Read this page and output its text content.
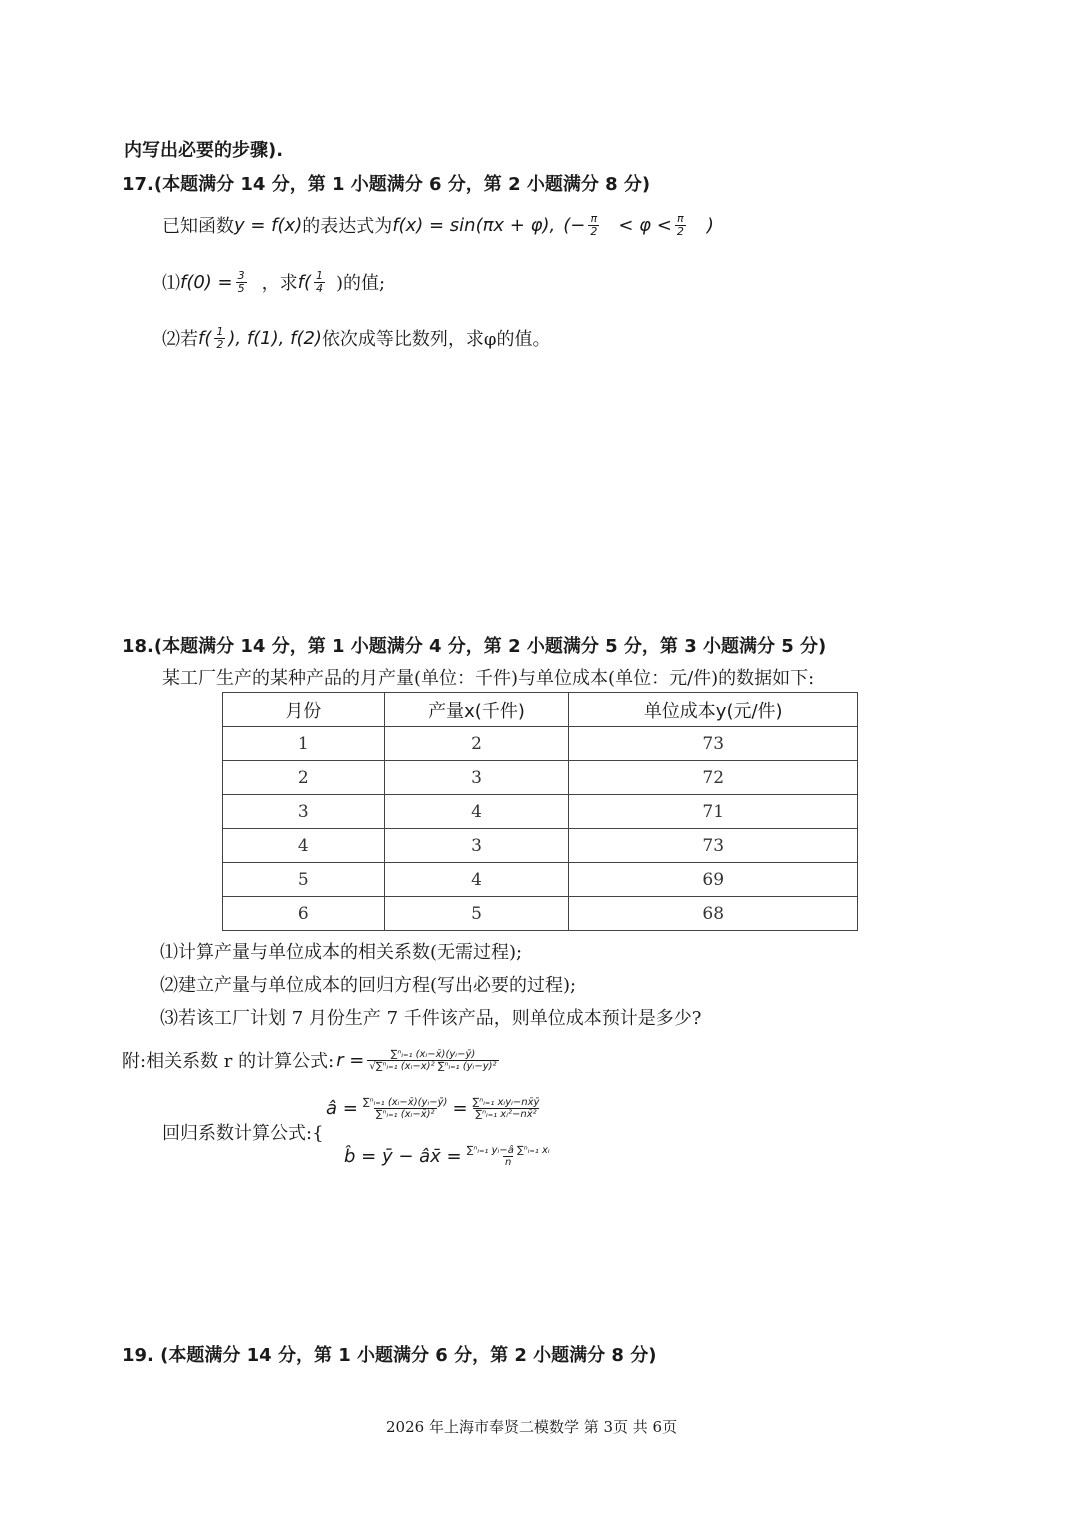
内写出必要的步骤).
17.(本题满分 14 分，第 1 小题满分 6 分，第 2 小题满分 8 分)
已知函数 y = f(x) 的表达式为 f(x) = sin(πx + φ), (− $\frac{\pi}{2} < \varphi < \frac{\pi}{2}$ )
⑴ $f(0) = \frac{3}{5}$ ，求 $f( \frac{1}{4}$ )的值;
⑵若 $f( \frac{1}{2}$ ), f(1), f(2) 依次成等比数列，求φ的值。
18.(本题满分 14 分，第 1 小题满分 4 分，第 2 小题满分 5 分，第 3 小题满分 5 分)
某工厂生产的某种产品的月产量(单位：千件)与单位成本(单位：元/件)的数据如下:
月份	产量x(千件)	单位成本y(元/件)
1	2	73
2	3	72
3	4	71
4	3	73
5	4	69
6	5	68
⑴计算产量与单位成本的相关系数(无需过程);
⑵建立产量与单位成本的回归方程(写出必要的过程);
⑶若该工厂计划 7 月份生产 7 千件该产品，则单位成本预计是多少?
附:相关系数 r 的计算公式: $r = \frac{\text{∑ⁿᵢ₌₁ (xᵢ−x̄)(yᵢ−ȳ)}}{\text{√∑ⁿᵢ₌₁ (xᵢ−x)² ∑ⁿᵢ₌₁ (yᵢ−y)²}}$
回归系数计算公式:{
â = $\frac{\text{∑ⁿᵢ₌₁ (xᵢ−x̄)(yᵢ−ȳ)}}{\text{∑ⁿᵢ₌₁ (xᵢ−x̄)²}} = \frac{\text{∑ⁿᵢ₌₁ xᵢyᵢ−nx̄ȳ}}{\text{∑ⁿᵢ₌₁ xᵢ²−nx̄²}}$
b̂ = ȳ − âx̄ = $\frac{\text{∑ⁿᵢ₌₁ yᵢ−â ∑ⁿᵢ₌₁ xᵢ}}{n}$
19. (本题满分 14 分，第 1 小题满分 6 分，第 2 小题满分 8 分)
2026 年上海市奉贤二模数学 第 3页 共 6页
